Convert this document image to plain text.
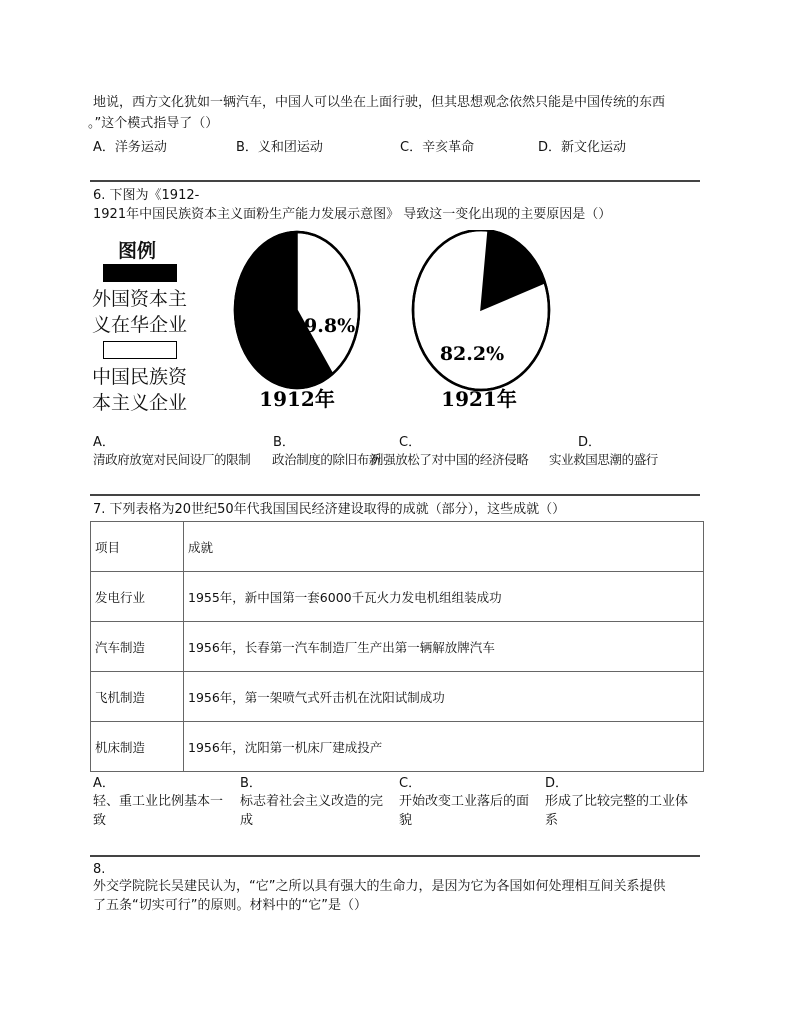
地说，西方文化犹如一辆汽车，中国人可以坐在上面行驶，但其思想观念依然只能是中国传统的东西
。”这个模式指导了（）
A．洋务运动	B．义和团运动	C．辛亥革命	D．新文化运动
6. 下图为《1912-
1921年中国民族资本主义面粉生产能力发展示意图》 导致这一变化出现的主要原因是（）
图例
外国资本主
义在华企业
中国民族资
本主义企业
39.8%
82.2%
1912年	1921年
A．	B．	C．	D．
清政府放宽对民间设厂的限制 政治制度的除旧布新
列强放松了对中国的经济侵略 实业救国思潮的盛行
7. 下列表格为20世纪50年代我国国民经济建设取得的成就（部分），这些成就（）
项目	成就
发电行业	1955年，新中国第一套6000千瓦火力发电机组组装成功
汽车制造	1956年，长春第一汽车制造厂生产出第一辆解放牌汽车
飞机制造	1956年，第一架喷气式歼击机在沈阳试制成功
机床制造	1956年，沈阳第一机床厂建成投产
A．
轻、重工业比例基本一
致
B．
标志着社会主义改造的完
成
C．
开始改变工业落后的面
貌
D．
形成了比较完整的工业体
系
8.
外交学院院长吴建民认为，“它”之所以具有强大的生命力，是因为它为各国如何处理相互间关系提供
了五条“切实可行”的原则。材料中的“它”是（）
